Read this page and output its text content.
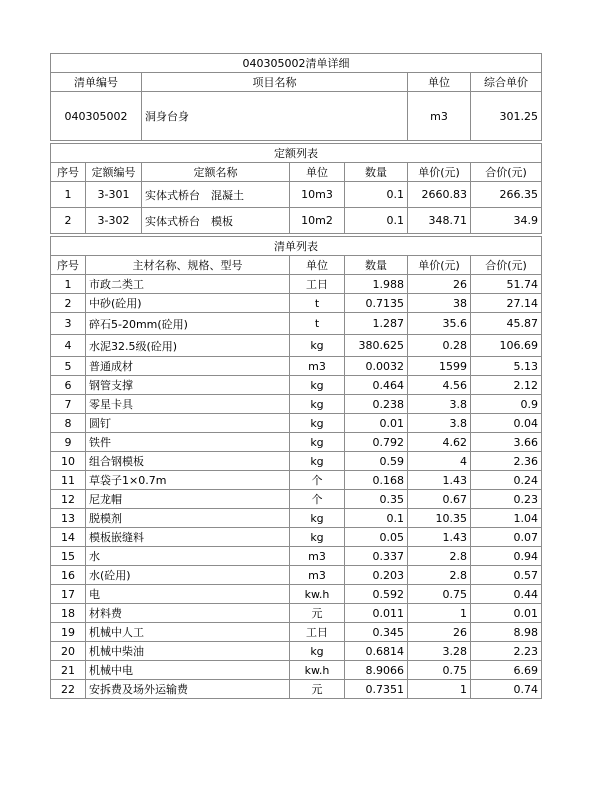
040305002清单详细			
清单编号	项目名称	单位	综合单价
040305002	洞身台身	m3	301.25
定额列表						
序号	定额编号	定额名称	单位	数量	单价(元)	合价(元)
1	3-301	实体式桥台　混凝土	10m3	0.1	2660.83	266.35
2	3-302	实体式桥台　模板	10m2	0.1	348.71	34.9
清单列表					
序号	主材名称、规格、型号	单位	数量	单价(元)	合价(元)
1	市政二类工	工日	1.988	26	51.74
2	中砂(砼用)	t	0.7135	38	27.14
3	碎石5-20mm(砼用)	t	1.287	35.6	45.87
4	水泥32.5级(砼用)	kg	380.625	0.28	106.69
5	普通成材	m3	0.0032	1599	5.13
6	钢管支撑	kg	0.464	4.56	2.12
7	零星卡具	kg	0.238	3.8	0.9
8	圆钉	kg	0.01	3.8	0.04
9	铁件	kg	0.792	4.62	3.66
10	组合钢模板	kg	0.59	4	2.36
11	草袋子1×0.7m	个	0.168	1.43	0.24
12	尼龙帽	个	0.35	0.67	0.23
13	脱模剂	kg	0.1	10.35	1.04
14	模板嵌缝料	kg	0.05	1.43	0.07
15	水	m3	0.337	2.8	0.94
16	水(砼用)	m3	0.203	2.8	0.57
17	电	kw.h	0.592	0.75	0.44
18	材料费	元	0.011	1	0.01
19	机械中人工	工日	0.345	26	8.98
20	机械中柴油	kg	0.6814	3.28	2.23
21	机械中电	kw.h	8.9066	0.75	6.69
22	安拆费及场外运输费	元	0.7351	1	0.74
